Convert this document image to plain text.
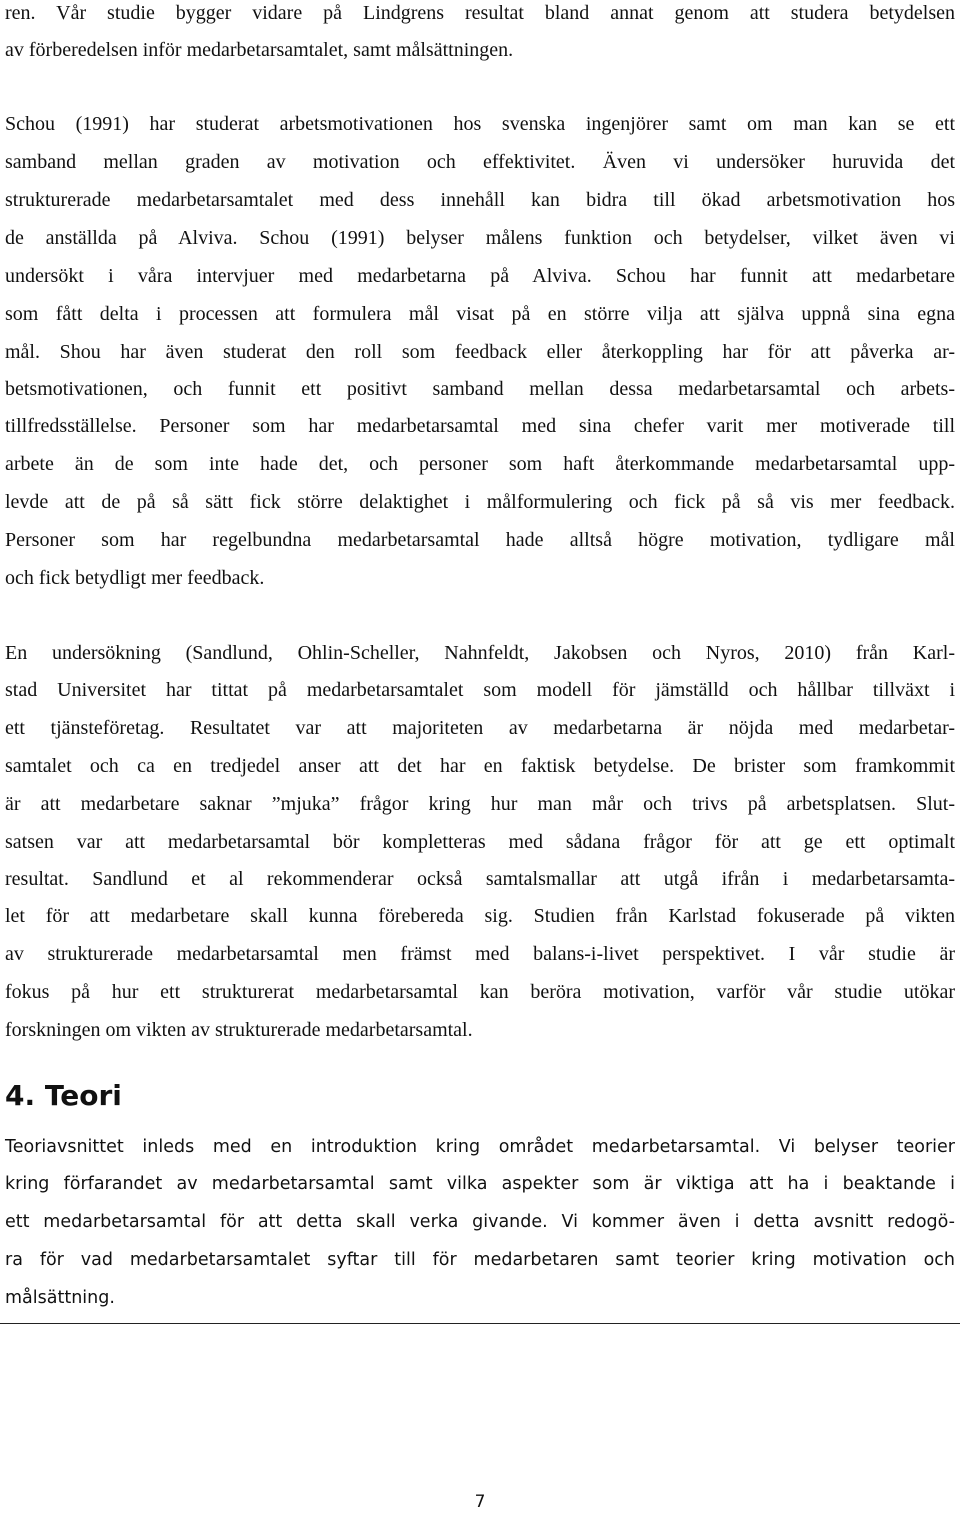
ren. Vår studie bygger vidare på Lindgrens resultat bland annat genom att studera betydelsen
av förberedelsen inför medarbetarsamtalet, samt målsättningen.
Schou (1991) har studerat arbetsmotivationen hos svenska ingenjörer samt om man kan se ett
samband mellan graden av motivation och effektivitet. Även vi undersöker huruvida det
strukturerade medarbetarsamtalet med dess innehåll kan bidra till ökad arbetsmotivation hos
de anställda på Alviva. Schou (1991) belyser målens funktion och betydelser, vilket även vi
undersökt i våra intervjuer med medarbetarna på Alviva. Schou har funnit att medarbetare
som fått delta i processen att formulera mål visat på en större vilja att själva uppnå sina egna
mål. Shou har även studerat den roll som feedback eller återkoppling har för att påverka ar-
betsmotivationen, och funnit ett positivt samband mellan dessa medarbetarsamtal och arbets-
tillfredsställelse. Personer som har medarbetarsamtal med sina chefer varit mer motiverade till
arbete än de som inte hade det, och personer som haft återkommande medarbetarsamtal upp-
levde att de på så sätt fick större delaktighet i målformulering och fick på så vis mer feedback.
Personer som har regelbundna medarbetarsamtal hade alltså högre motivation, tydligare mål
och fick betydligt mer feedback.
En undersökning (Sandlund, Ohlin-Scheller, Nahnfeldt, Jakobsen och Nyros, 2010) från Karl-
stad Universitet har tittat på medarbetarsamtalet som modell för jämställd och hållbar tillväxt i
ett tjänsteföretag. Resultatet var att majoriteten av medarbetarna är nöjda med medarbetar-
samtalet och ca en tredjedel anser att det har en faktisk betydelse. De brister som framkommit
är att medarbetare saknar ”mjuka” frågor kring hur man mår och trivs på arbetsplatsen. Slut-
satsen var att medarbetarsamtal bör kompletteras med sådana frågor för att ge ett optimalt
resultat. Sandlund et al rekommenderar också samtalsmallar att utgå ifrån i medarbetarsamta-
let för att medarbetare skall kunna förebereda sig. Studien från Karlstad fokuserade på vikten
av strukturerade medarbetarsamtal men främst med balans-i-livet perspektivet. I vår studie är
fokus på hur ett strukturerat medarbetarsamtal kan beröra motivation, varför vår studie utökar
forskningen om vikten av strukturerade medarbetarsamtal.
4. Teori
Teoriavsnittet inleds med en introduktion kring området medarbetarsamtal. Vi belyser teorier
kring förfarandet av medarbetarsamtal samt vilka aspekter som är viktiga att ha i beaktande i
ett medarbetarsamtal för att detta skall verka givande. Vi kommer även i detta avsnitt redogö-
ra för vad medarbetarsamtalet syftar till för medarbetaren samt teorier kring motivation och
målsättning.
7
